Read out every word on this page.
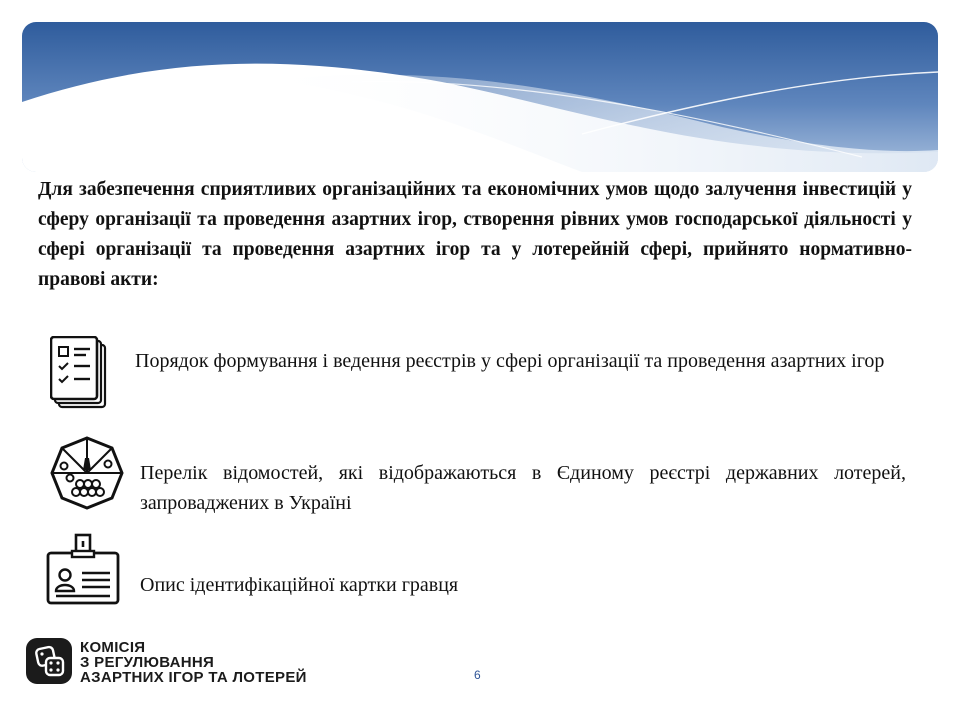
Для забезпечення сприятливих організаційних та економічних умов щодо залучення інвестицій у сферу організації та проведення азартних ігор, створення рівних умов господарської діяльності у сфері організації та проведення азартних ігор та у лотерейній сфері, прийнято нормативно-правові акти:

Порядок формування і ведення реєстрів у сфері організації та проведення азартних ігор

Перелік відомостей, які відображаються в Єдиному реєстрі державних лотерей, запроваджених в Україні

Опис ідентифікаційної картки гравця

КОМІСІЯ
З РЕГУЛЮВАННЯ
АЗАРТНИХ ІГОР ТА ЛОТЕРЕЙ	6
